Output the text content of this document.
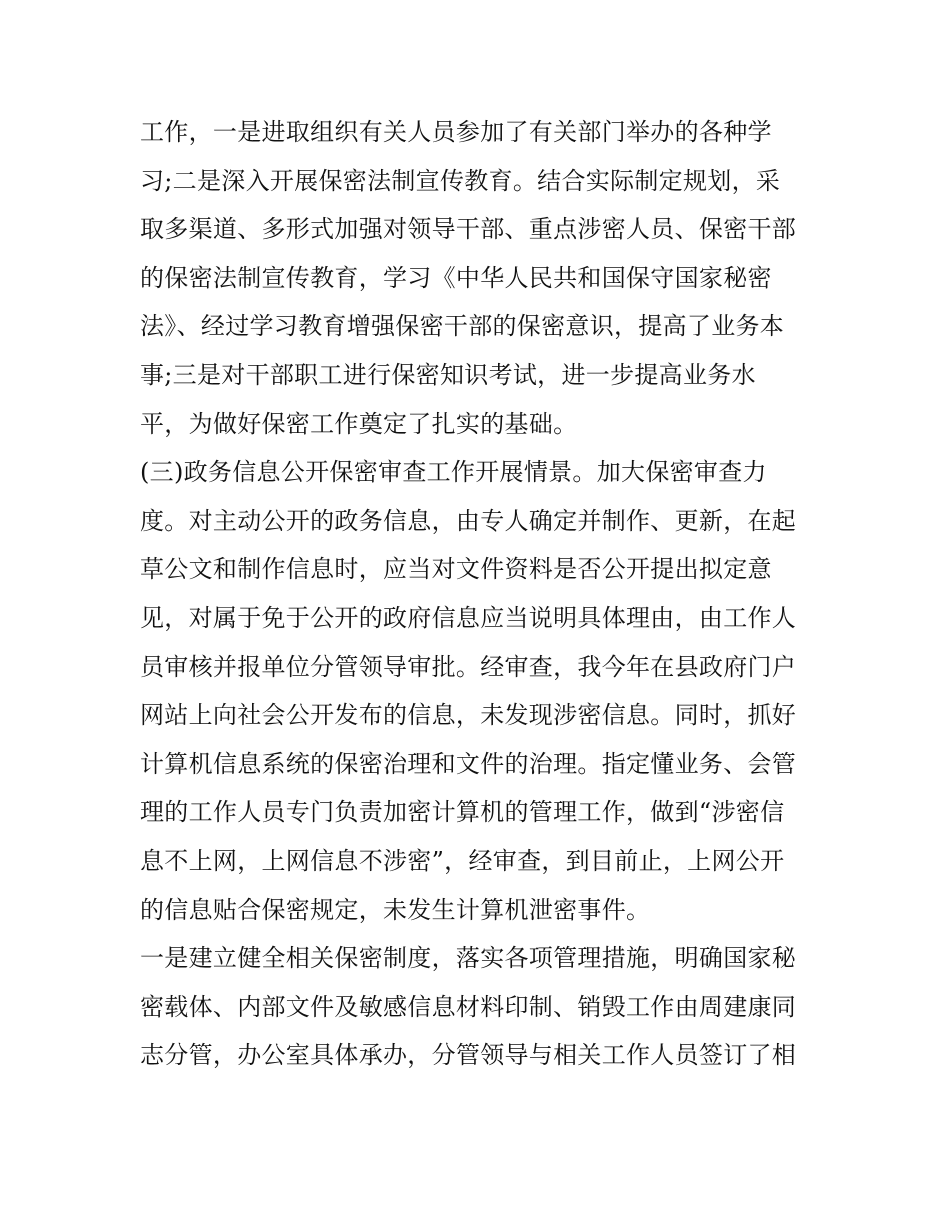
工作，一是进取组织有关人员参加了有关部门举办的各种学
习;二是深入开展保密法制宣传教育。结合实际制定规划，采
取多渠道、多形式加强对领导干部、重点涉密人员、保密干部
的保密法制宣传教育，学习《中华人民共和国保守国家秘密
法》、经过学习教育增强保密干部的保密意识，提高了业务本
事;三是对干部职工进行保密知识考试，进一步提高业务水
平，为做好保密工作奠定了扎实的基础。
(三)政务信息公开保密审查工作开展情景。加大保密审查力
度。对主动公开的政务信息，由专人确定并制作、更新，在起
草公文和制作信息时，应当对文件资料是否公开提出拟定意
见，对属于免于公开的政府信息应当说明具体理由，由工作人
员审核并报单位分管领导审批。经审查，我今年在县政府门户
网站上向社会公开发布的信息，未发现涉密信息。同时，抓好
计算机信息系统的保密治理和文件的治理。指定懂业务、会管
理的工作人员专门负责加密计算机的管理工作，做到“涉密信
息不上网，上网信息不涉密”，经审查，到目前止，上网公开
的信息贴合保密规定，未发生计算机泄密事件。
一是建立健全相关保密制度，落实各项管理措施，明确国家秘
密载体、内部文件及敏感信息材料印制、销毁工作由周建康同
志分管，办公室具体承办，分管领导与相关工作人员签订了相
